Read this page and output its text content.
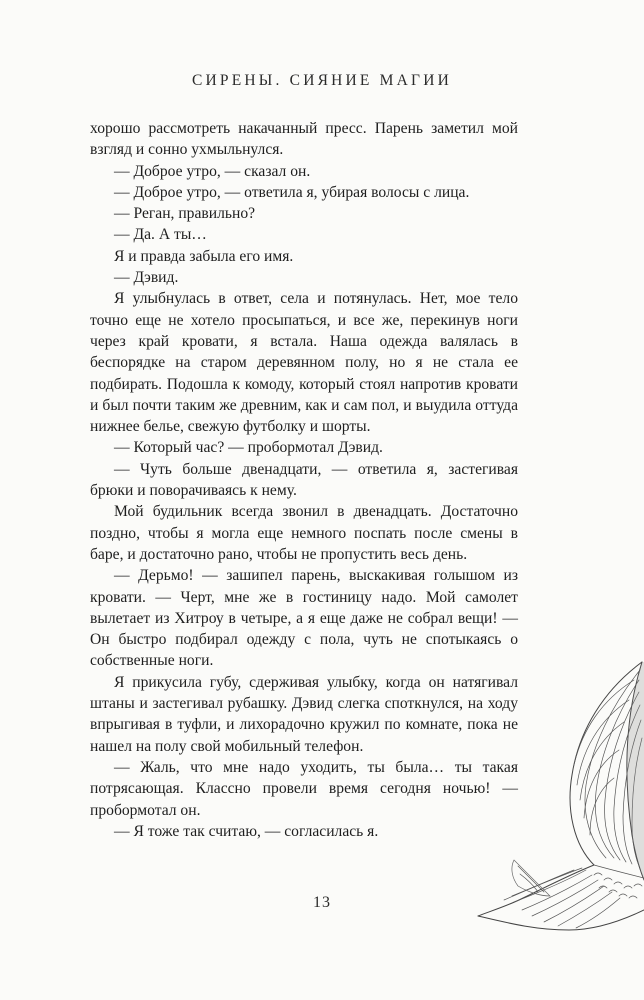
СИРЕНЫ. СИЯНИЕ МАГИИ

хорошо рассмотреть накачанный пресс. Парень заметил мой взгляд и сонно ухмыльнулся.

— Доброе утро, — сказал он.

— Доброе утро, — ответила я, убирая волосы с лица.

— Реган, правильно?

— Да. А ты…

Я и правда забыла его имя.

— Дэвид.

Я улыбнулась в ответ, села и потянулась. Нет, мое тело точно еще не хотело просыпаться, и все же, перекинув ноги через край кровати, я встала. Наша одежда валялась в беспорядке на старом деревянном полу, но я не стала ее подбирать. Подошла к комоду, который стоял напротив кровати и был почти таким же древним, как и сам пол, и выудила оттуда нижнее белье, свежую футболку и шорты.

— Который час? — пробормотал Дэвид.

— Чуть больше двенадцати, — ответила я, застегивая брюки и поворачиваясь к нему.

Мой будильник всегда звонил в двенадцать. Достаточно поздно, чтобы я могла еще немного поспать после смены в баре, и достаточно рано, чтобы не пропустить весь день.

— Дерьмо! — зашипел парень, выскакивая голышом из кровати. — Черт, мне же в гостиницу надо. Мой самолет вылетает из Хитроу в четыре, а я еще даже не собрал вещи! — Он быстро подбирал одежду с пола, чуть не спотыкаясь о собственные ноги.

Я прикусила губу, сдерживая улыбку, когда он натягивал штаны и застегивал рубашку. Дэвид слегка споткнулся, на ходу впрыгивая в туфли, и лихорадочно кружил по комнате, пока не нашел на полу свой мобильный телефон.

— Жаль, что мне надо уходить, ты была… ты такая потрясающая. Классно провели время сегодня ночью! — пробормотал он.

— Я тоже так считаю, — согласилась я.

13
